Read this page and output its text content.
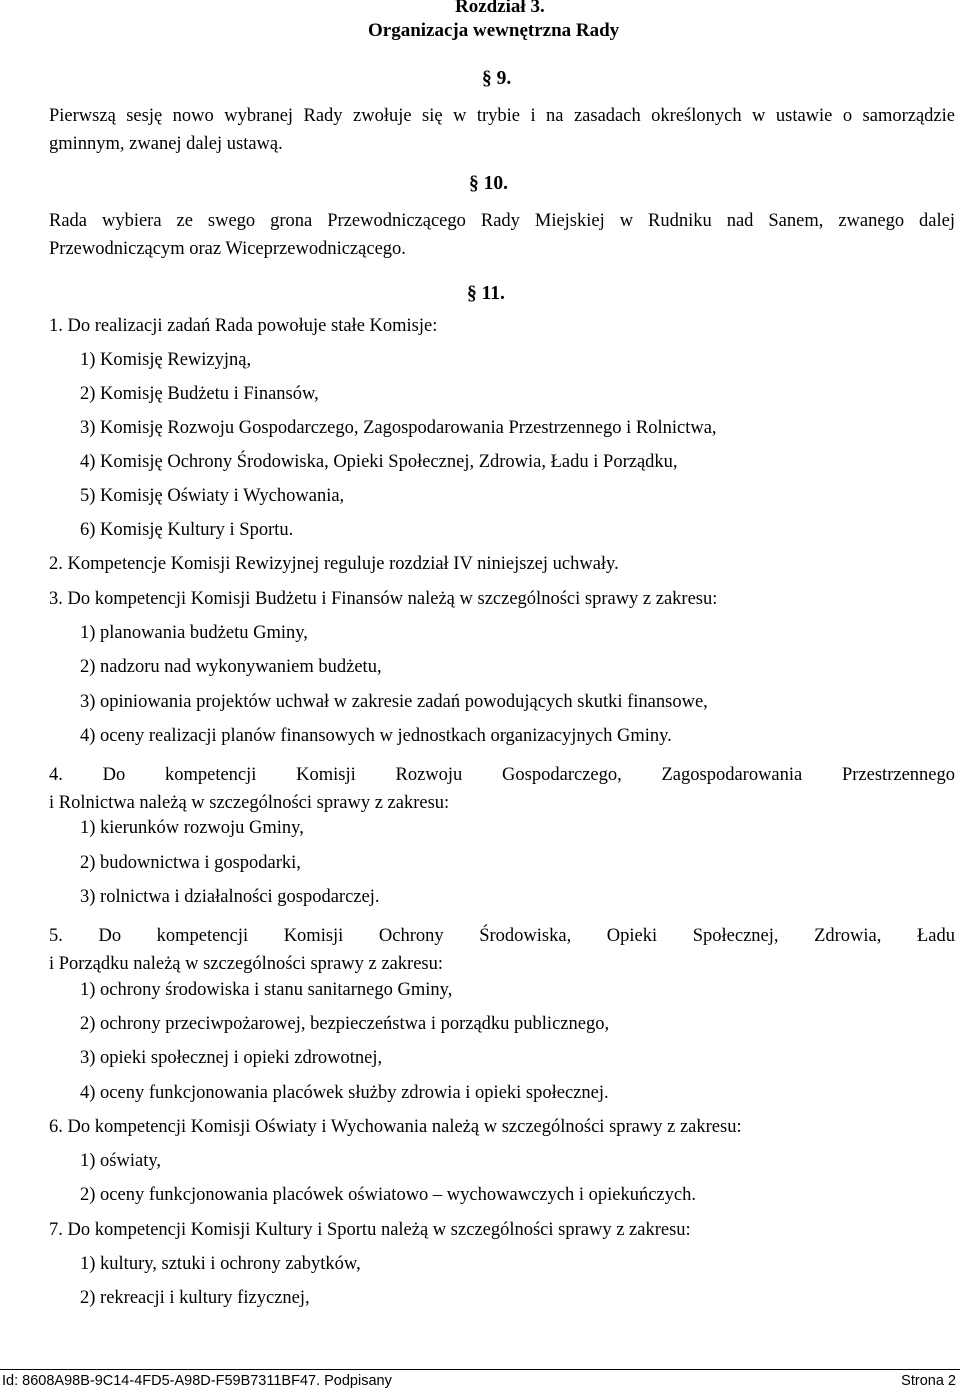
Rozdział 3.
Organizacja wewnętrzna Rady
§ 9.
Pierwszą sesję nowo wybranej Rady zwołuje się w trybie i na zasadach określonych w ustawie o samorządzie
gminnym, zwanej dalej ustawą.
§ 10.
Rada wybiera ze swego grona Przewodniczącego Rady Miejskiej w Rudniku nad Sanem, zwanego dalej
Przewodniczącym oraz Wiceprzewodniczącego.
§ 11.
1. Do realizacji zadań Rada powołuje stałe Komisje:
1) Komisję Rewizyjną,
2) Komisję Budżetu i Finansów,
3) Komisję Rozwoju Gospodarczego, Zagospodarowania Przestrzennego i Rolnictwa,
4) Komisję Ochrony Środowiska, Opieki Społecznej, Zdrowia, Ładu i Porządku,
5) Komisję Oświaty i Wychowania,
6) Komisję Kultury i Sportu.
2. Kompetencje Komisji Rewizyjnej reguluje rozdział IV niniejszej uchwały.
3. Do kompetencji Komisji Budżetu i Finansów należą w szczególności sprawy z zakresu:
1) planowania budżetu Gminy,
2) nadzoru nad wykonywaniem budżetu,
3) opiniowania projektów uchwał w zakresie zadań powodujących skutki finansowe,
4) oceny realizacji planów finansowych w jednostkach organizacyjnych Gminy.
4. Do kompetencji Komisji Rozwoju Gospodarczego, Zagospodarowania Przestrzennego
i Rolnictwa należą w szczególności sprawy z zakresu:
1) kierunków rozwoju Gminy,
2) budownictwa i gospodarki,
3) rolnictwa i działalności gospodarczej.
5. Do kompetencji Komisji Ochrony Środowiska, Opieki Społecznej, Zdrowia, Ładu
i Porządku należą w szczególności sprawy z zakresu:
1) ochrony środowiska i stanu sanitarnego Gminy,
2) ochrony przeciwpożarowej, bezpieczeństwa i porządku publicznego,
3) opieki społecznej i opieki zdrowotnej,
4) oceny funkcjonowania placówek służby zdrowia i opieki społecznej.
6. Do kompetencji Komisji Oświaty i Wychowania należą w szczególności sprawy z zakresu:
1) oświaty,
2) oceny funkcjonowania placówek oświatowo – wychowawczych i opiekuńczych.
7. Do kompetencji Komisji Kultury i Sportu należą w szczególności sprawy z zakresu:
1) kultury, sztuki i ochrony zabytków,
2) rekreacji i kultury fizycznej,
Id: 8608A98B-9C14-4FD5-A98D-F59B7311BF47. Podpisany	Strona 2
